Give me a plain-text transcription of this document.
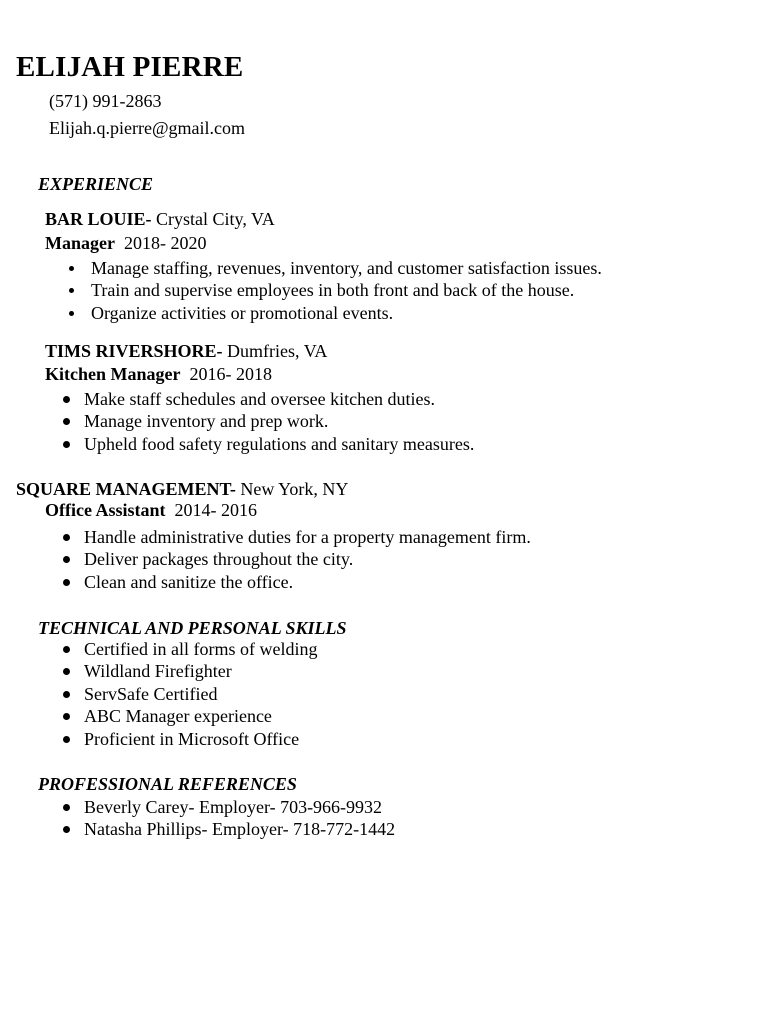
ELIJAH PIERRE
(571) 991-2863
Elijah.q.pierre@gmail.com
EXPERIENCE
BAR LOUIE- Crystal City, VA
Manager  2018- 2020
Manage staffing, revenues, inventory, and customer satisfaction issues.
Train and supervise employees in both front and back of the house.
Organize activities or promotional events.
TIMS RIVERSHORE- Dumfries, VA
Kitchen Manager  2016- 2018
Make staff schedules and oversee kitchen duties.
Manage inventory and prep work.
Upheld food safety regulations and sanitary measures.
SQUARE MANAGEMENT- New York, NY
Office Assistant  2014- 2016
Handle administrative duties for a property management firm.
Deliver packages throughout the city.
Clean and sanitize the office.
TECHNICAL AND PERSONAL SKILLS
Certified in all forms of welding
Wildland Firefighter
ServSafe Certified
ABC Manager experience
Proficient in Microsoft Office
PROFESSIONAL REFERENCES
Beverly Carey- Employer- 703-966-9932
Natasha Phillips- Employer- 718-772-1442
